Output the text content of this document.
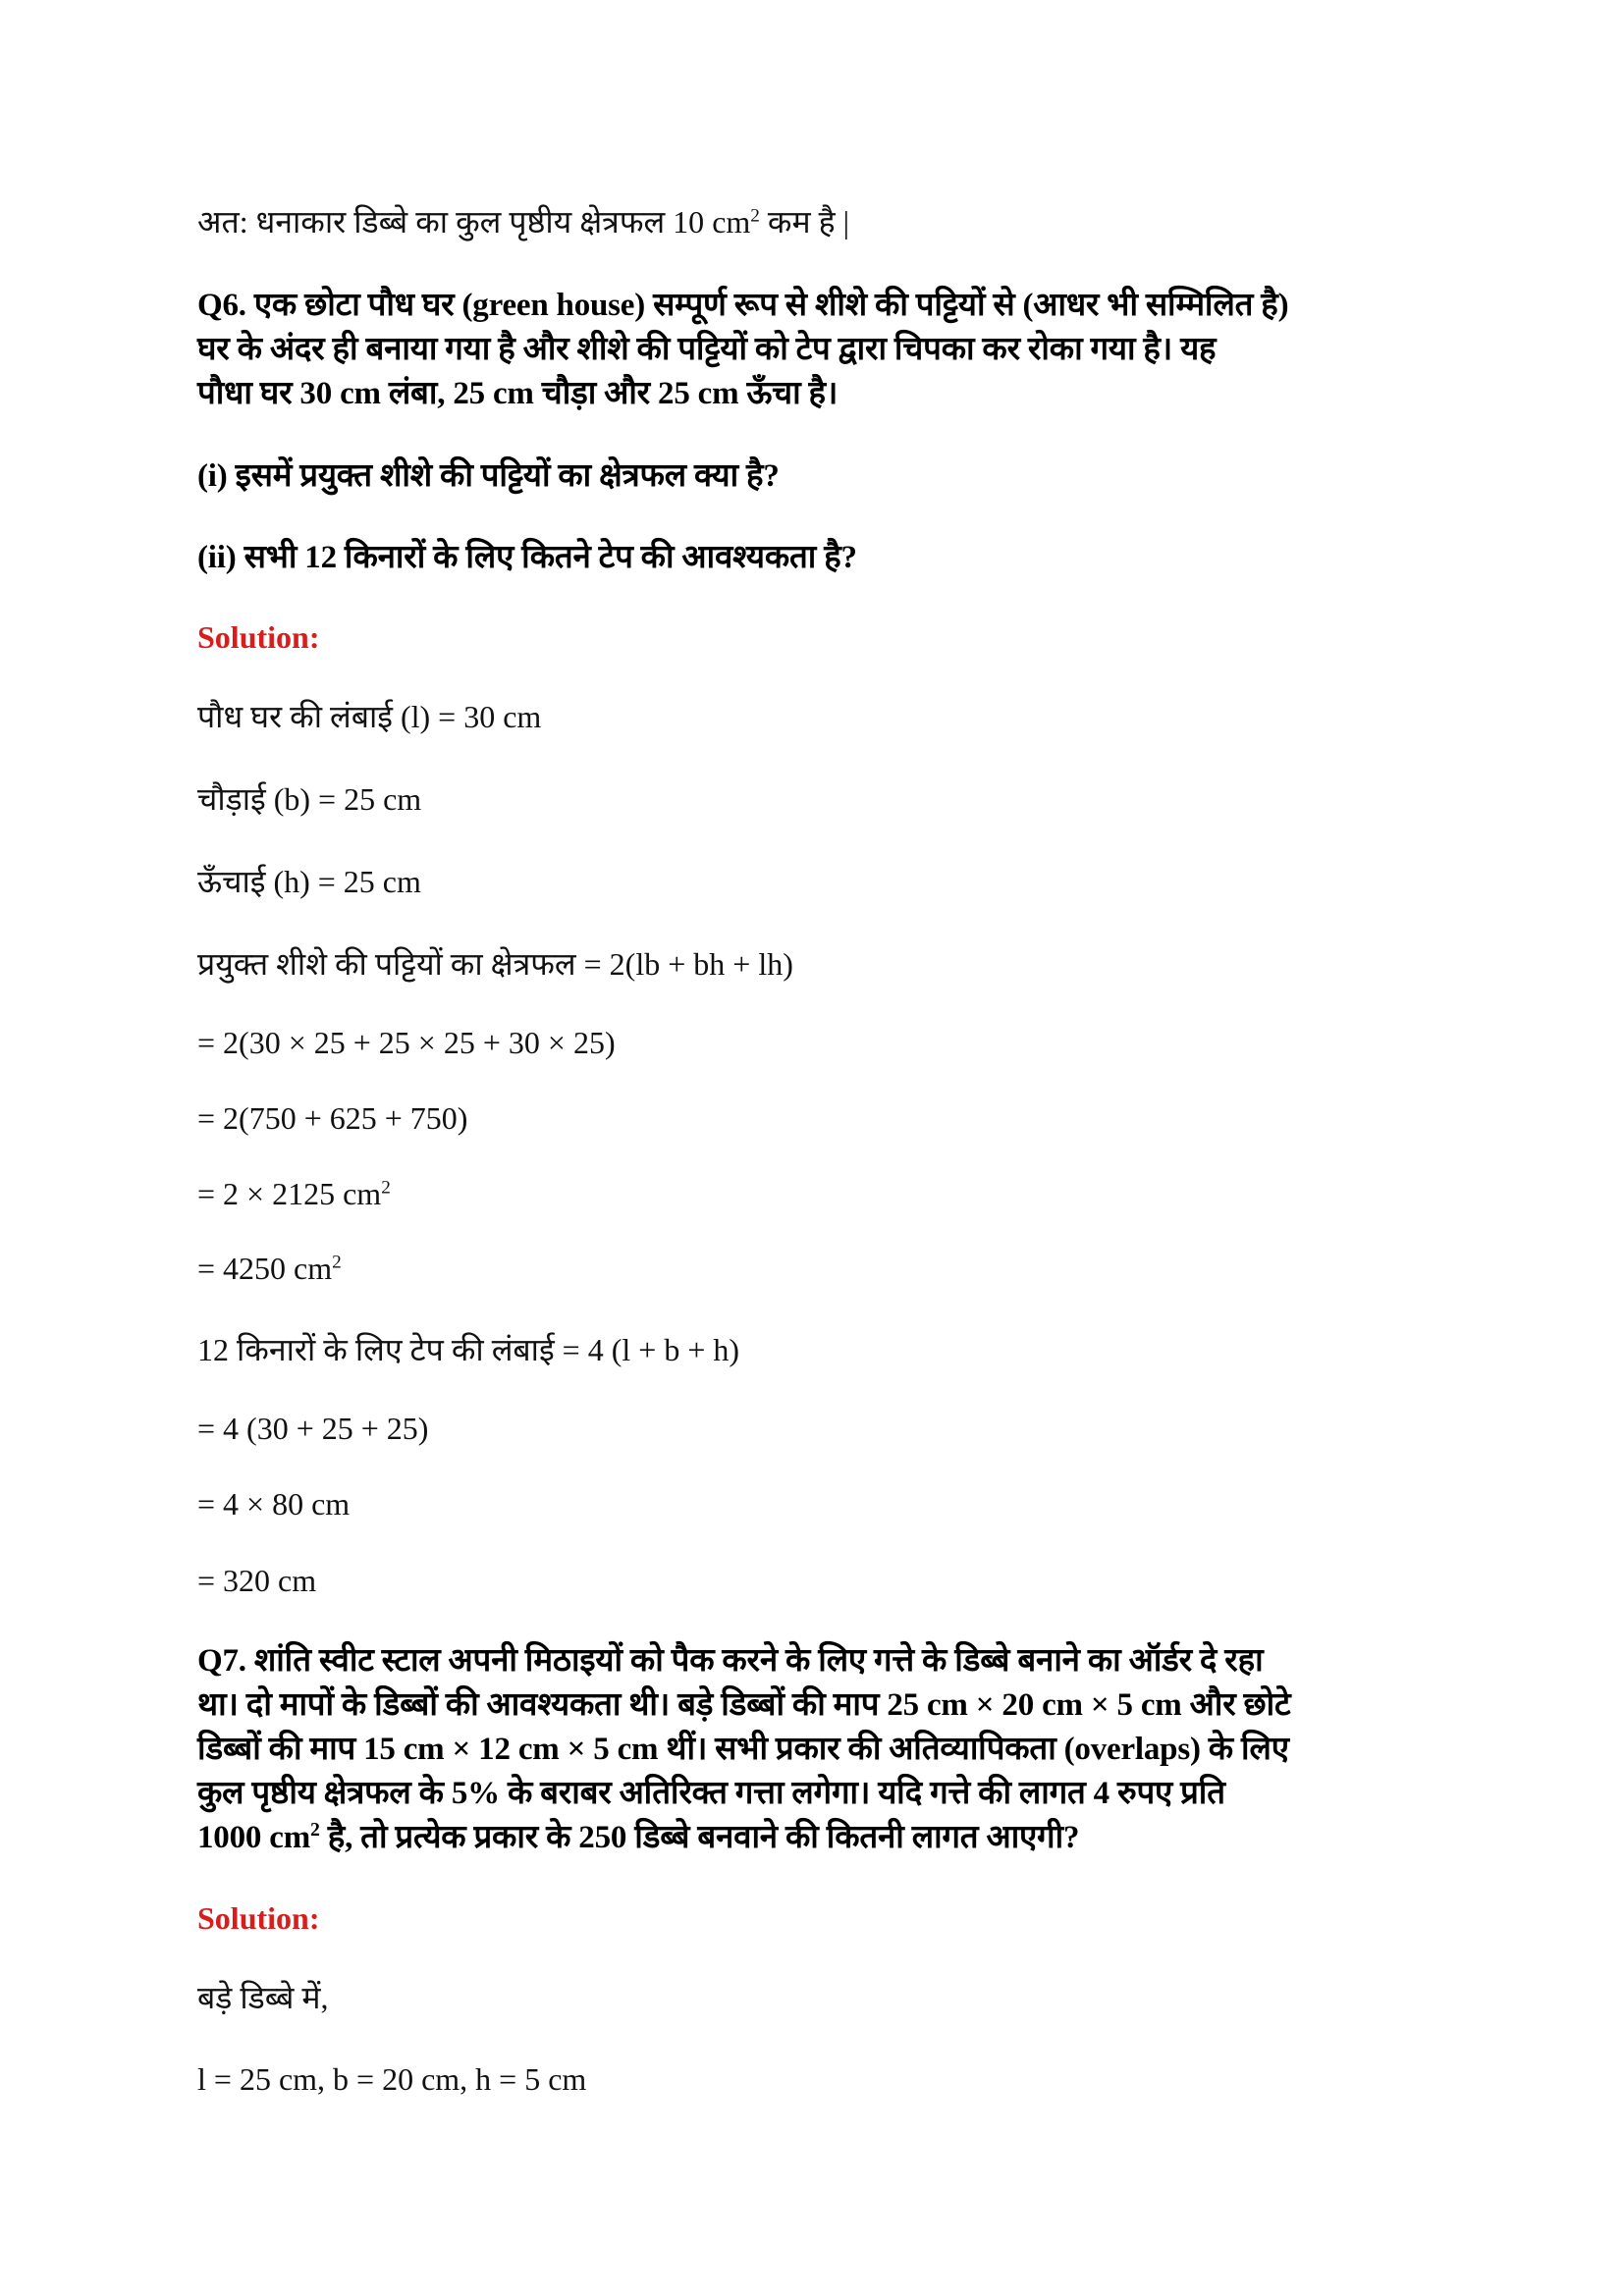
अत: धनाकार डिब्बे का कुल पृष्ठीय क्षेत्रफल 10 $cm^2$ कम है |
Q6. एक छोटा पौध घर (green house) सम्पूर्ण रूप से शीशे की पट्टियों से (आधर भी सम्मिलित है)
घर के अंदर ही बनाया गया है और शीशे की पट्टियों को टेप द्वारा चिपका कर रोका गया है। यह
पौधा घर 30 cm लंबा, 25 cm चौड़ा और 25 cm ऊँचा है।
(i) इसमें प्रयुक्त शीशे की पट्टियों का क्षेत्रफल क्या है?
(ii) सभी 12 किनारों के लिए कितने टेप की आवश्यकता है?
Solution:
पौध घर की लंबाई (l) = 30 cm
चौड़ाई (b) = 25 cm
ऊँचाई (h) = 25 cm
प्रयुक्त शीशे की पट्टियों का क्षेत्रफल = 2(lb + bh + lh)
= 2(30 × 25 + 25 × 25 + 30 × 25)
= 2(750 + 625 + 750)
= 2 × 2125 $cm^2$
= 4250 $cm^2$
12 किनारों के लिए टेप की लंबाई = 4 (l + b + h)
= 4 (30 + 25 + 25)
= 4 × 80 cm
= 320 cm
Q7. शांति स्वीट स्टाल अपनी मिठाइयों को पैक करने के लिए गत्ते के डिब्बे बनाने का ऑर्डर दे रहा
था। दो मापों के डिब्बों की आवश्यकता थी। बड़े डिब्बों की माप 25 cm × 20 cm × 5 cm और छोटे
डिब्बों की माप 15 cm × 12 cm × 5 cm थीं। सभी प्रकार की अतिव्यापिकता (overlaps) के लिए
कुल पृष्ठीय क्षेत्रफल के 5% के बराबर अतिरिक्त गत्ता लगेगा। यदि गत्ते की लागत 4 रुपए प्रति
1000 $cm^2$ है, तो प्रत्येक प्रकार के 250 डिब्बे बनवाने की कितनी लागत आएगी?
Solution:
बड़े डिब्बे में,
l = 25 cm, b = 20 cm, h = 5 cm
